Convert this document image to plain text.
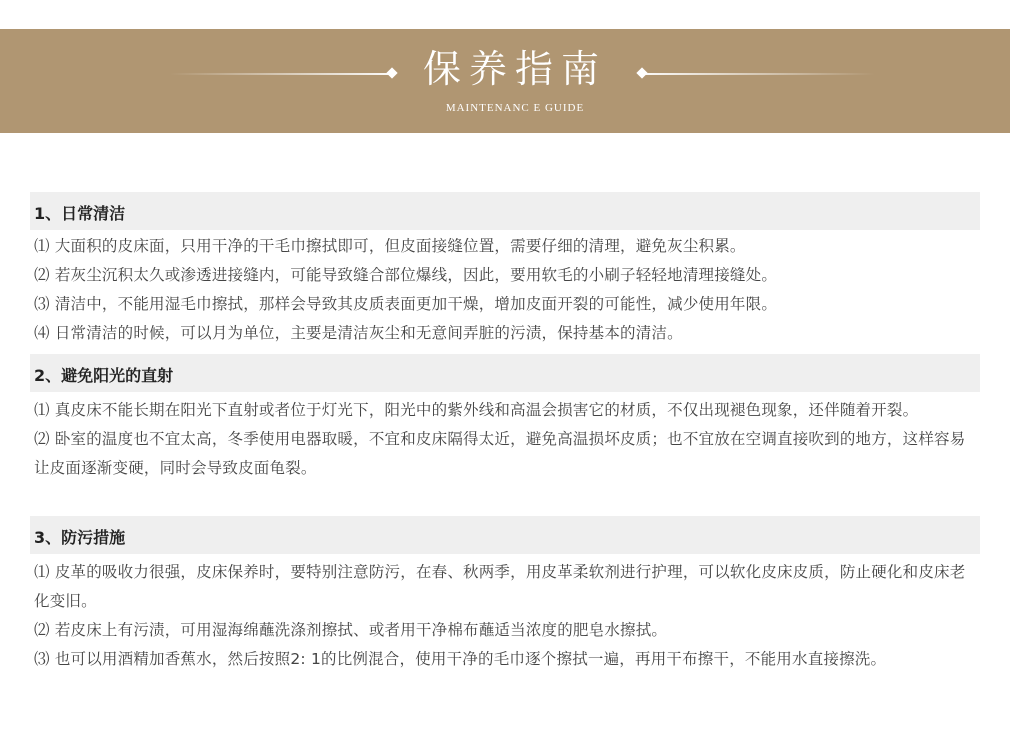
保养指南
MAINTENANC E GUIDE
1、日常清洁

⑴ 大面积的皮床面，只用干净的干毛巾擦拭即可，但皮面接缝位置，需要仔细的清理，避免灰尘积累。

⑵ 若灰尘沉积太久或渗透进接缝内，可能导致缝合部位爆线，因此，要用软毛的小刷子轻轻地清理接缝处。

⑶ 清洁中，不能用湿毛巾擦拭，那样会导致其皮质表面更加干燥，增加皮面开裂的可能性，减少使用年限。

⑷ 日常清洁的时候，可以月为单位，主要是清洁灰尘和无意间弄脏的污渍，保持基本的清洁。

2、避免阳光的直射

⑴ 真皮床不能长期在阳光下直射或者位于灯光下，阳光中的紫外线和高温会损害它的材质，不仅出现褪色现象，还伴随着开裂。

⑵ 卧室的温度也不宜太高，冬季使用电器取暖，不宜和皮床隔得太近，避免高温损坏皮质；也不宜放在空调直接吹到的地方，这样容易让皮面逐渐变硬，同时会导致皮面龟裂。

3、防污措施

⑴ 皮革的吸收力很强，皮床保养时，要特别注意防污，在春、秋两季，用皮革柔软剂进行护理，可以软化皮床皮质，防止硬化和皮床老化变旧。

⑵ 若皮床上有污渍，可用湿海绵蘸洗涤剂擦拭、或者用干净棉布蘸适当浓度的肥皂水擦拭。

⑶ 也可以用酒精加香蕉水，然后按照2: 1的比例混合，使用干净的毛巾逐个擦拭一遍，再用干布擦干，不能用水直接擦洗。
